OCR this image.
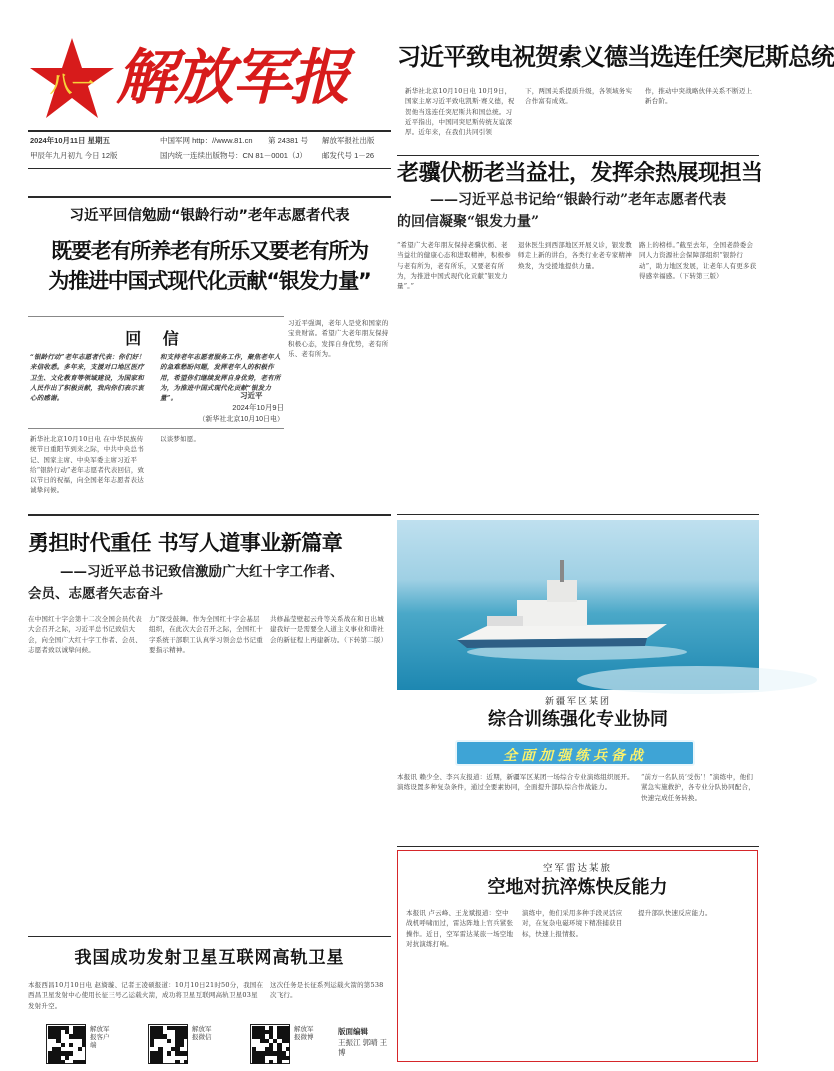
八一 解放军报
2024年10月11日 星期五	中国军网 http：//www.81.cn	第 24381 号	解放军报社出版
甲辰年九月初九 今日 12版	国内统一连续出版物号：CN 81－0001（J）	邮发代号 1－26
习近平致电祝贺索义德当选连任突尼斯总统
新华社北京10月10日电 10月9日，国家主席习近平致电凯斯·赛义德，祝贺他当选连任突尼斯共和国总统。习近平指出，中国同突尼斯传统友谊深厚。近年来，在我们共同引领
下，两国关系提质升级，各领域务实合作富有成效。
作，推动中突战略伙伴关系不断迈上新台阶。
习近平回信勉励“银龄行动”老年志愿者代表
既要老有所养老有所乐又要老有所为
为推进中国式现代化贡献“银发力量”
回 信
“银龄行动”老年志愿者代表：你们好！来信收悉。多年来，支援对口地区医疗卫生、文化教育等领域建设，为国家和人民作出了积极贡献，我向你们表示衷心的感谢。
和支持老年志愿者服务工作，聚焦老年人的急难愁盼问题，发挥老年人的积极作用，希望你们继续发挥自身优势，老有所为，为推进中国式现代化贡献“银发力量”。	习近平
2024年10月9日
（新华社北京10月10日电）
新华社北京10月10日电 在中华民族传统节日重阳节到来之际，中共中央总书记、国家主席、中央军委主席习近平给“银龄行动”老年志愿者代表回信，致以节日的祝福，向全国老年志愿者表达诚挚问候。
以谈梦如愿。
习近平强调，老年人是党和国家的宝贵财富。希望广大老年朋友保持积极心态，发挥自身优势，老有所乐、老有所为。
老骥伏枥老当益壮，发挥余热展现担当
——习近平总书记给“银龄行动”老年志愿者代表
的回信凝聚“银发力量”
“希望广大老年朋友保持老骥伏枥、老当益壮的健康心态和进取精神，积极参与老有所为，老有所乐，又要老有所为，为推进中国式现代化贡献“银发力量”。”
退休医生到西部地区开展义诊，银发教师走上新的讲台，各类行业老专家精神焕发，为受援地提供力量。
路上的榜样。”截至去年，全国老龄委会同人力资源社会保障部组织“银龄行动”，助力地区发展，让老年人有更多获得感幸福感。（下转第三版）
勇担时代重任 书写人道事业新篇章
——习近平总书记致信激励广大红十字工作者、
会员、志愿者矢志奋斗
在中国红十字会第十二次全国会员代表大会召开之际，习近平总书记致信大会，向全国广大红十字工作者、会员、志愿者致以诚挚问候。
力”深受鼓舞。作为全国红十字会基层组织，在此次大会召开之际，全国红十字系统干部职工认真学习领会总书记重要指示精神。
共修晶莹壁起云舟等关系战在和日出城建我好一是需要全人道主义事业和谐社会的新征程上再建新功。（下转第二版）
新疆军区某团
综合训练强化专业协同
全面加强练兵备战
本报讯 赖少全、李兴友报道：近期，新疆军区某团一场综合专业演练组织展开。演练设置多种复杂条件，通过全要素协同，全面提升部队综合作战能力。
“前方一名队员‘受伤’！”演练中，他们紧急实施救护，各专业分队协同配合，快速完成任务转换。
我国成功发射卫星互联网高轨卫星
本报西昌10月10日电 赵旖璇、记者王凌硕报道：10月10日21时50分，我国在西昌卫星发射中心使用长征三号乙运载火箭，成功将卫星互联网高轨卫星03星发射升空。
这次任务是长征系列运载火箭的第538次飞行。
空军雷达某旅
空地对抗淬炼快反能力
本报讯 卢云峰、王龙斌报道：空中战机呼啸而过，雷达阵地上官兵紧张操作。近日，空军雷达某旅一场空地对抗演练打响。
演练中，他们采用多种手段灵活应对，在复杂电磁环境下精准捕获目标，快速上报情报。
提升部队快速反应能力。
解放军报客户端
解放军报微信
解放军报微博
版面编辑
王振江 郭晴 王博
